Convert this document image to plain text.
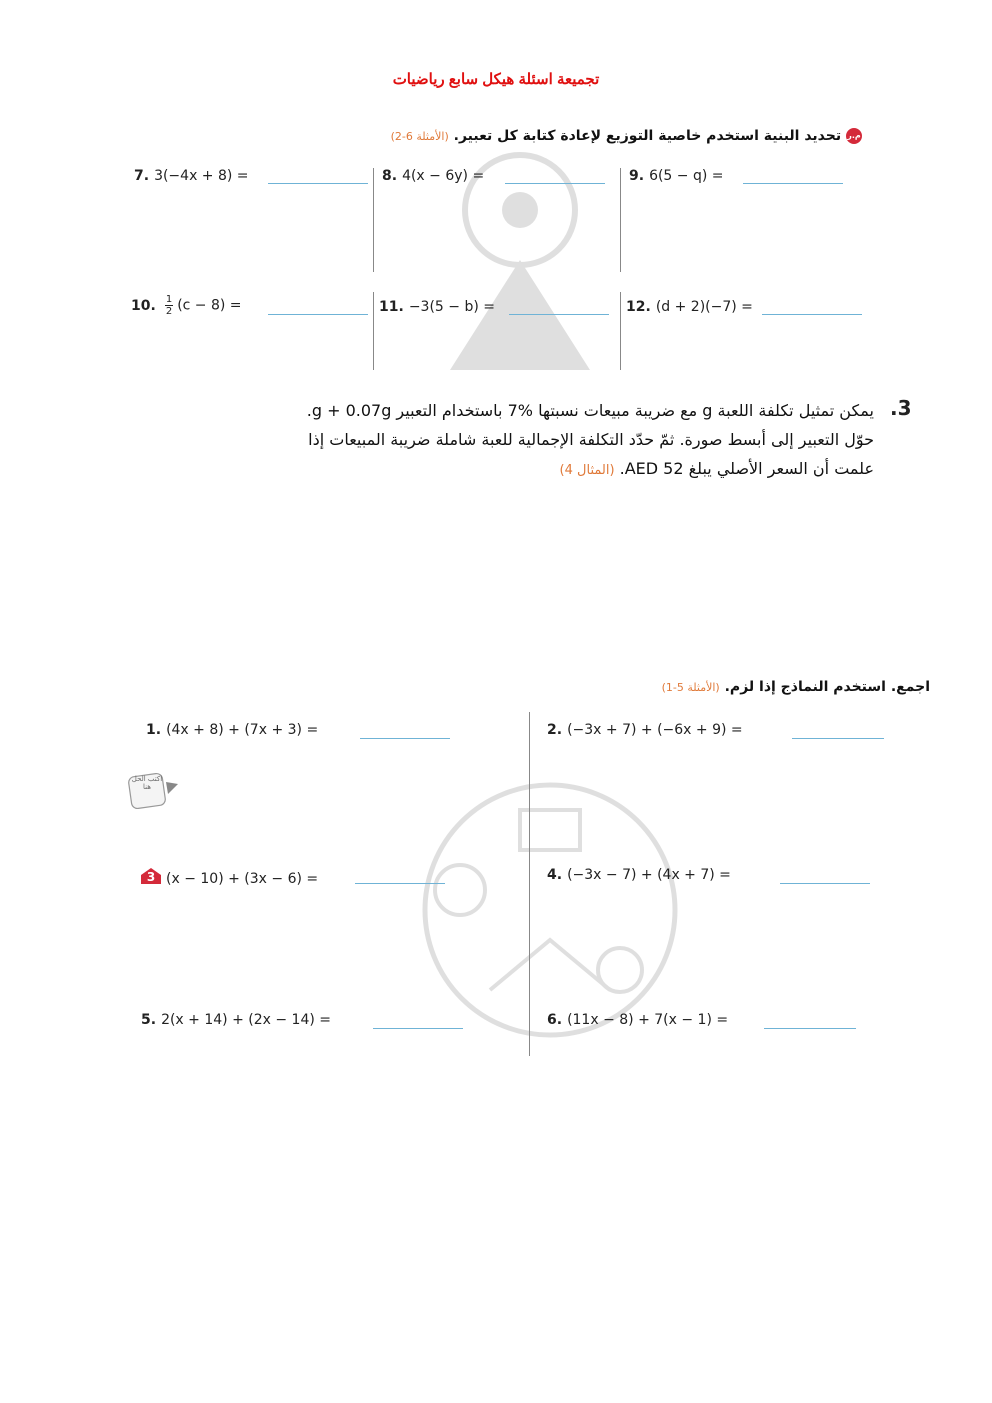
تجميعة اسئلة هيكل سابع رياضيات
م.ر تحديد البنية استخدم خاصية التوزيع لإعادة كتابة كل تعبير. (الأمثلة 6-2)
7. 3(−4x + 8) =	8. 4(x − 6y) =	9. 6(5 − q) =
10. $\frac{1}{2} (c - 8)$ =	11. −3(5 − b) =	12. (d + 2)(−7) =
.3
يمكن تمثيل تكلفة اللعبة g مع ضريبة مبيعات نسبتها %7 باستخدام التعبير g + 0.07g.
حوّل التعبير إلى أبسط صورة. ثمّ حدّد التكلفة الإجمالية للعبة شاملة ضريبة المبيعات إذا
علمت أن السعر الأصلي يبلغ AED 52. (المثال 4)
اجمع. استخدم النماذج إذا لزم. (الأمثلة 5-1)
1. (4x + 8) + (7x + 3) =	2. (−3x + 7) + (−6x + 9) =
اكتب الحل هنا
3 (x − 10) + (3x − 6) =	4. (−3x − 7) + (4x + 7) =
5. 2(x + 14) + (2x − 14) =	6. (11x − 8) + 7(x − 1) =
